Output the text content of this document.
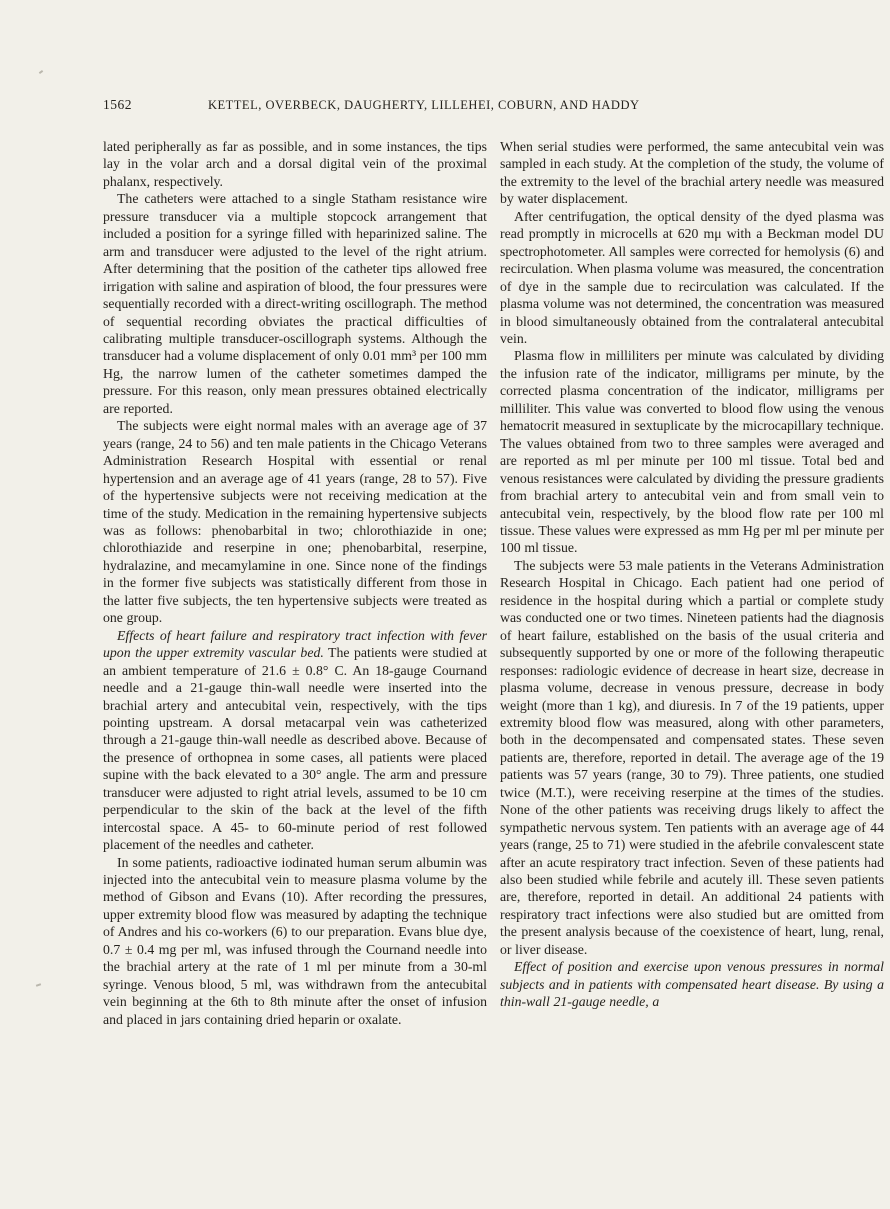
1562	KETTEL, OVERBECK, DAUGHERTY, LILLEHEI, COBURN, AND HADDY

lated peripherally as far as possible, and in some instances, the tips lay in the volar arch and a dorsal digital vein of the proximal phalanx, respectively.

The catheters were attached to a single Statham resistance wire pressure transducer via a multiple stopcock arrangement that included a position for a syringe filled with heparinized saline. The arm and transducer were adjusted to the level of the right atrium. After determining that the position of the catheter tips allowed free irrigation with saline and aspiration of blood, the four pressures were sequentially recorded with a direct-writing oscillograph. The method of sequential recording obviates the practical difficulties of calibrating multiple transducer-oscillograph systems. Although the transducer had a volume displacement of only 0.01 mm³ per 100 mm Hg, the narrow lumen of the catheter sometimes damped the pressure. For this reason, only mean pressures obtained electrically are reported.

The subjects were eight normal males with an average age of 37 years (range, 24 to 56) and ten male patients in the Chicago Veterans Administration Research Hospital with essential or renal hypertension and an average age of 41 years (range, 28 to 57). Five of the hypertensive subjects were not receiving medication at the time of the study. Medication in the remaining hypertensive subjects was as follows: phenobarbital in two; chlorothiazide in one; chlorothiazide and reserpine in one; phenobarbital, reserpine, hydralazine, and mecamylamine in one. Since none of the findings in the former five subjects was statistically different from those in the latter five subjects, the ten hypertensive subjects were treated as one group.

Effects of heart failure and respiratory tract infection with fever upon the upper extremity vascular bed. The patients were studied at an ambient temperature of 21.6 ± 0.8° C. An 18-gauge Cournand needle and a 21-gauge thin-wall needle were inserted into the brachial artery and antecubital vein, respectively, with the tips pointing upstream. A dorsal metacarpal vein was catheterized through a 21-gauge thin-wall needle as described above. Because of the presence of orthopnea in some cases, all patients were placed supine with the back elevated to a 30° angle. The arm and pressure transducer were adjusted to right atrial levels, assumed to be 10 cm perpendicular to the skin of the back at the level of the fifth intercostal space. A 45- to 60-minute period of rest followed placement of the needles and catheter.

In some patients, radioactive iodinated human serum albumin was injected into the antecubital vein to measure plasma volume by the method of Gibson and Evans (10). After recording the pressures, upper extremity blood flow was measured by adapting the technique of Andres and his co-workers (6) to our preparation. Evans blue dye, 0.7 ± 0.4 mg per ml, was infused through the Cournand needle into the brachial artery at the rate of 1 ml per minute from a 30-ml syringe. Venous blood, 5 ml, was withdrawn from the antecubital vein beginning at the 6th to 8th minute after the onset of infusion and placed in jars containing dried heparin or oxalate.

When serial studies were performed, the same antecubital vein was sampled in each study. At the completion of the study, the volume of the extremity to the level of the brachial artery needle was measured by water displacement.

After centrifugation, the optical density of the dyed plasma was read promptly in microcells at 620 mμ with a Beckman model DU spectrophotometer. All samples were corrected for hemolysis (6) and recirculation. When plasma volume was measured, the concentration of dye in the sample due to recirculation was calculated. If the plasma volume was not determined, the concentration was measured in blood simultaneously obtained from the contralateral antecubital vein.

Plasma flow in milliliters per minute was calculated by dividing the infusion rate of the indicator, milligrams per minute, by the corrected plasma concentration of the indicator, milligrams per milliliter. This value was converted to blood flow using the venous hematocrit measured in sextuplicate by the microcapillary technique. The values obtained from two to three samples were averaged and are reported as ml per minute per 100 ml tissue. Total bed and venous resistances were calculated by dividing the pressure gradients from brachial artery to antecubital vein and from small vein to antecubital vein, respectively, by the blood flow rate per 100 ml tissue. These values were expressed as mm Hg per ml per minute per 100 ml tissue.

The subjects were 53 male patients in the Veterans Administration Research Hospital in Chicago. Each patient had one period of residence in the hospital during which a partial or complete study was conducted one or two times. Nineteen patients had the diagnosis of heart failure, established on the basis of the usual criteria and subsequently supported by one or more of the following therapeutic responses: radiologic evidence of decrease in heart size, decrease in plasma volume, decrease in venous pressure, decrease in body weight (more than 1 kg), and diuresis. In 7 of the 19 patients, upper extremity blood flow was measured, along with other parameters, both in the decompensated and compensated states. These seven patients are, therefore, reported in detail. The average age of the 19 patients was 57 years (range, 30 to 79). Three patients, one studied twice (M.T.), were receiving reserpine at the times of the studies. None of the other patients was receiving drugs likely to affect the sympathetic nervous system. Ten patients with an average age of 44 years (range, 25 to 71) were studied in the afebrile convalescent state after an acute respiratory tract infection. Seven of these patients had also been studied while febrile and acutely ill. These seven patients are, therefore, reported in detail. An additional 24 patients with respiratory tract infections were also studied but are omitted from the present analysis because of the coexistence of heart, lung, renal, or liver disease.

Effect of position and exercise upon venous pressures in normal subjects and in patients with compensated heart disease. By using a thin-wall 21-gauge needle, a
